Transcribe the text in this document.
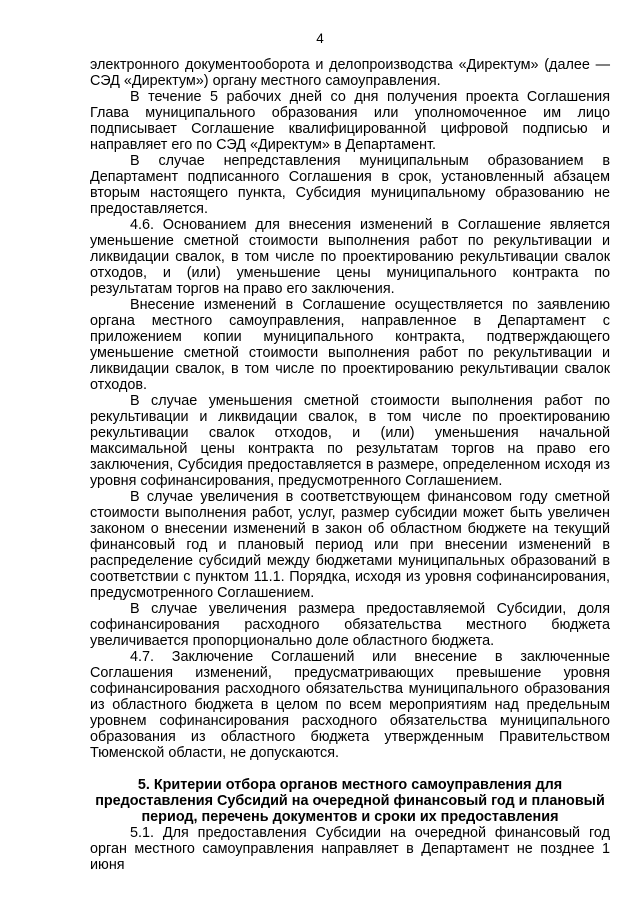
4

электронного документооборота и делопроизводства «Директум» (далее — СЭД «Директум») органу местного самоуправления.

В течение 5 рабочих дней со дня получения проекта Соглашения Глава муниципального образования или уполномоченное им лицо подписывает Соглашение квалифицированной цифровой подписью и направляет его по СЭД «Директум» в Департамент.

В случае непредставления муниципальным образованием в Департамент подписанного Соглашения в срок, установленный абзацем вторым настоящего пункта, Субсидия муниципальному образованию не предоставляется.

4.6. Основанием для внесения изменений в Соглашение является уменьшение сметной стоимости выполнения работ по рекультивации и ликвидации свалок, в том числе по проектированию рекультивации свалок отходов, и (или) уменьшение цены муниципального контракта по результатам торгов на право его заключения.

Внесение изменений в Соглашение осуществляется по заявлению органа местного самоуправления, направленное в Департамент с приложением копии муниципального контракта, подтверждающего уменьшение сметной стоимости выполнения работ по рекультивации и ликвидации свалок, в том числе по проектированию рекультивации свалок отходов.

В случае уменьшения сметной стоимости выполнения работ по рекультивации и ликвидации свалок, в том числе по проектированию рекультивации свалок отходов, и (или) уменьшения начальной максимальной цены контракта по результатам торгов на право его заключения, Субсидия предоставляется в размере, определенном исходя из уровня софинансирования, предусмотренного Соглашением.

В случае увеличения в соответствующем финансовом году сметной стоимости выполнения работ, услуг, размер субсидии может быть увеличен законом о внесении изменений в закон об областном бюджете на текущий финансовый год и плановый период или при внесении изменений в распределение субсидий между бюджетами муниципальных образований в соответствии с пунктом 11.1. Порядка, исходя из уровня софинансирования, предусмотренного Соглашением.

В случае увеличения размера предоставляемой Субсидии, доля софинансирования расходного обязательства местного бюджета увеличивается пропорционально доле областного бюджета.

4.7. Заключение Соглашений или внесение в заключенные Соглашения изменений, предусматривающих превышение уровня софинансирования расходного обязательства муниципального образования из областного бюджета в целом по всем мероприятиям над предельным уровнем софинансирования расходного обязательства муниципального образования из областного бюджета утвержденным Правительством Тюменской области, не допускаются.

5. Критерии отбора органов местного самоуправления для предоставления Субсидий на очередной финансовый год и плановый период, перечень документов и сроки их предоставления

5.1. Для предоставления Субсидии на очередной финансовый год орган местного самоуправления направляет в Департамент не позднее 1 июня
